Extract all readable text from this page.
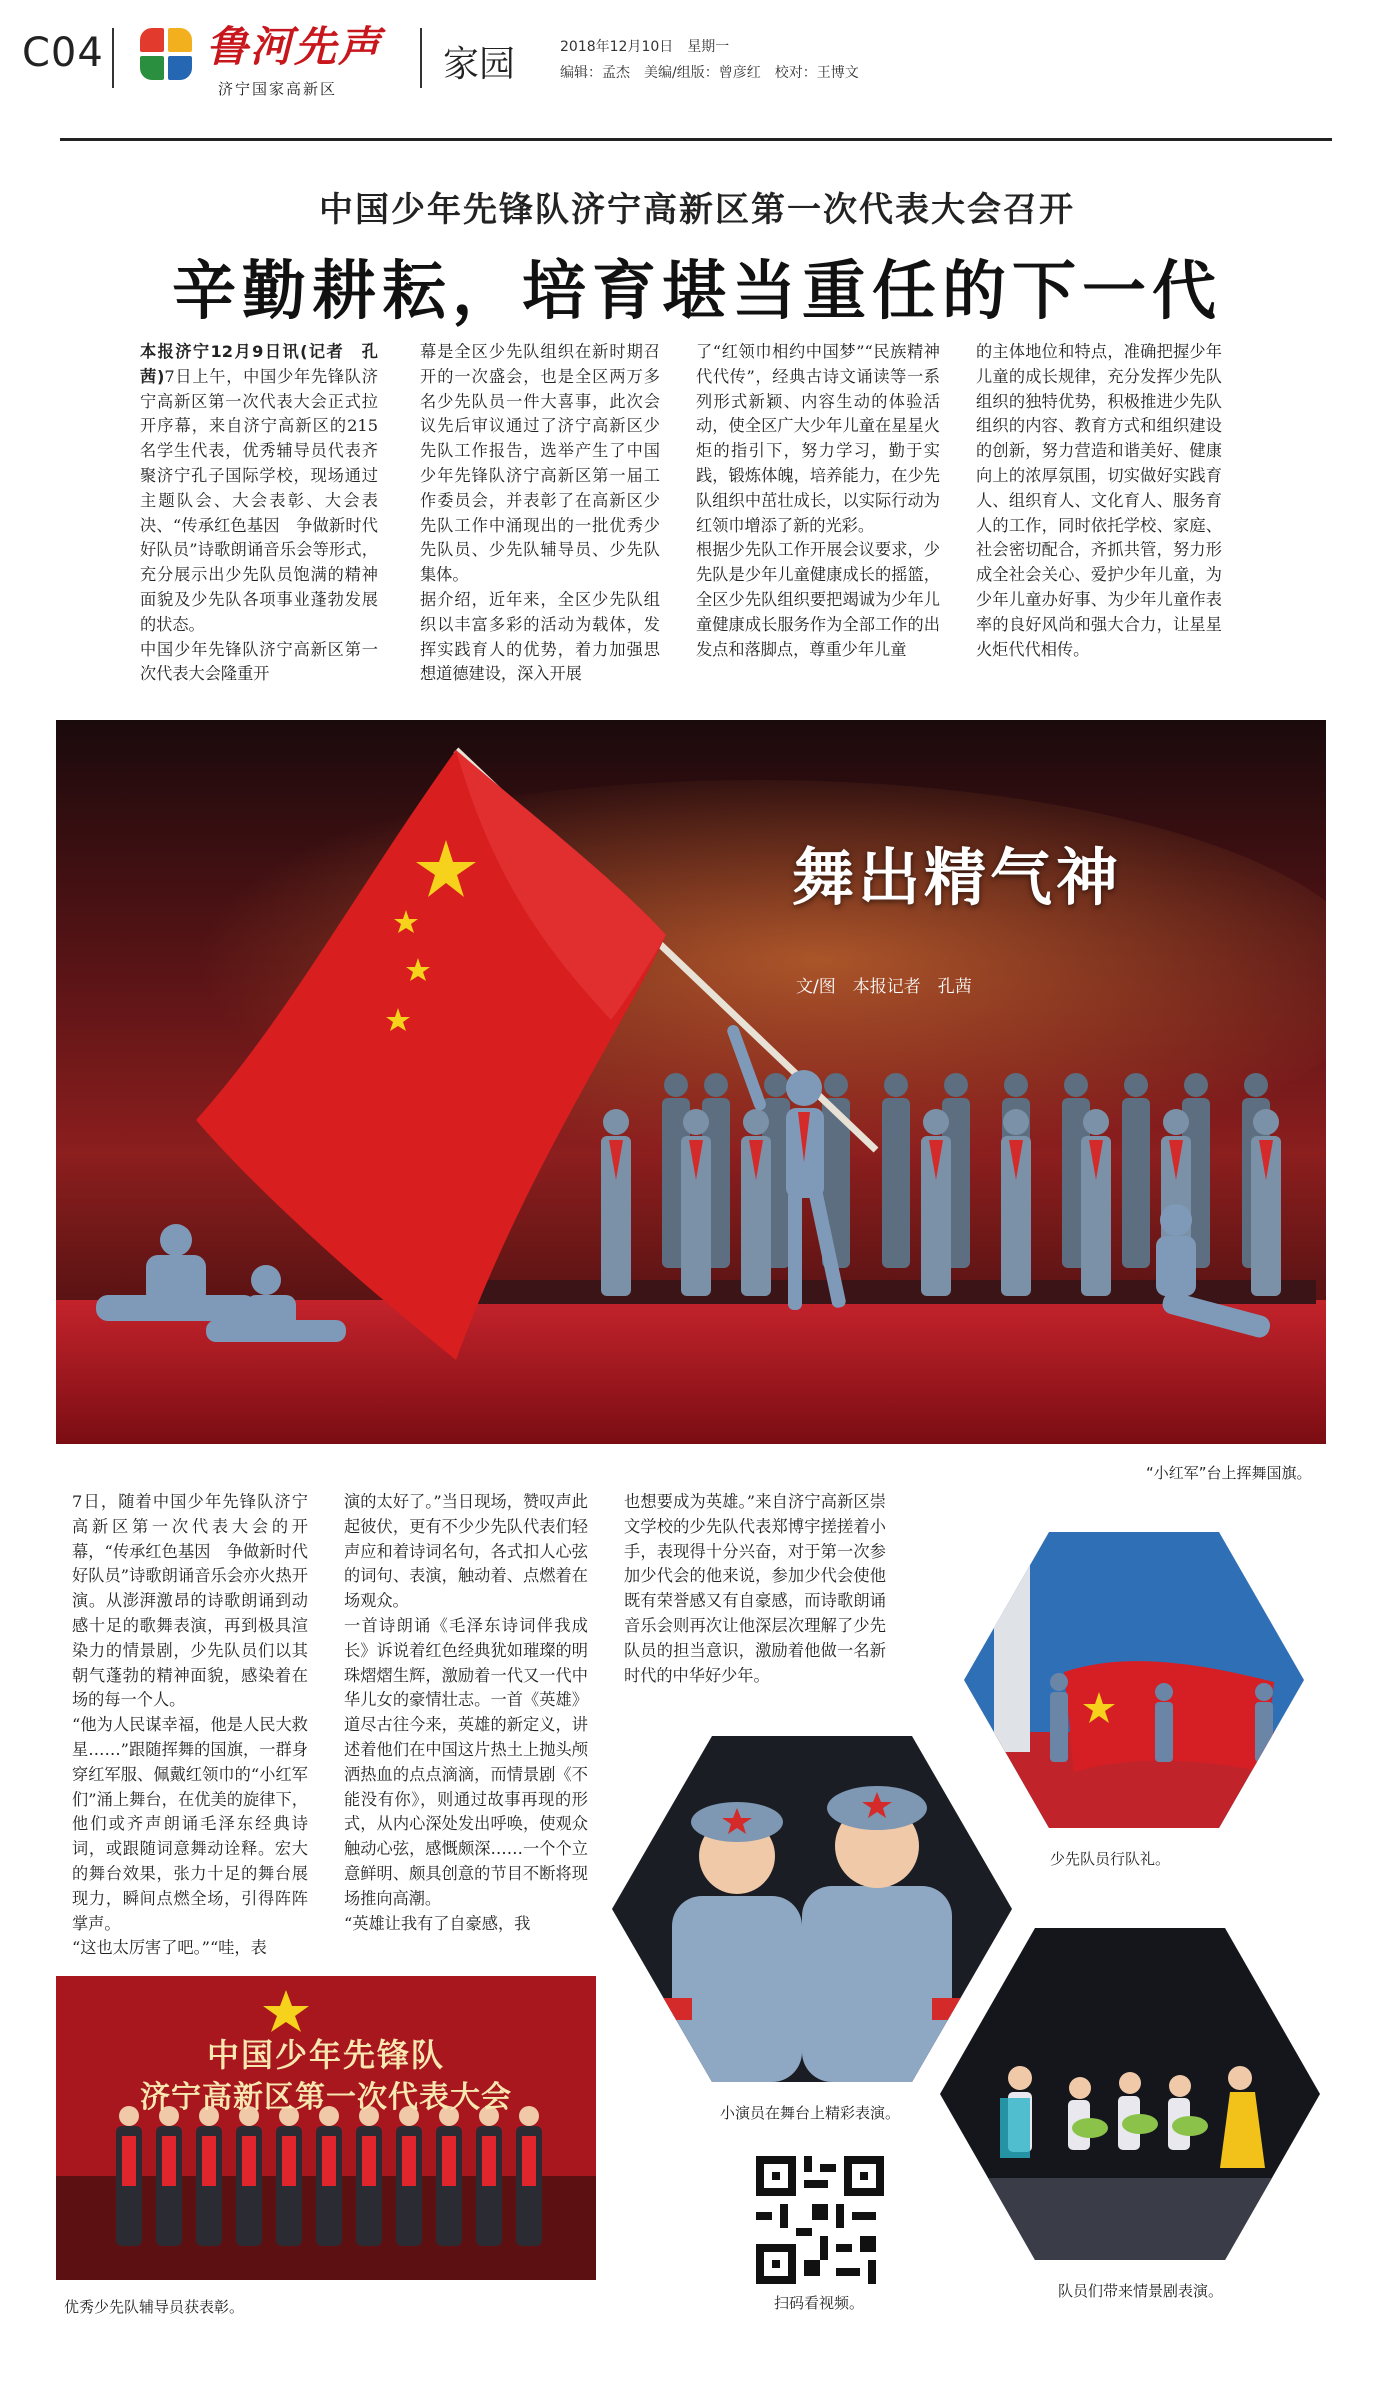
C04 鲁河先声
济宁国家高新区
家园	2018年12月10日　星期一
编辑：孟杰　美编/组版：曾彦红　校对：王博文
中国少年先锋队济宁高新区第一次代表大会召开
辛勤耕耘，培育堪当重任的下一代

本报济宁12月9日讯(记者　孔茜)7日上午，中国少年先锋队济宁高新区第一次代表大会正式拉开序幕，来自济宁高新区的215名学生代表，优秀辅导员代表齐聚济宁孔子国际学校，现场通过主题队会、大会表彰、大会表决、“传承红色基因　争做新时代好队员”诗歌朗诵音乐会等形式，充分展示出少先队员饱满的精神面貌及少先队各项事业蓬勃发展的状态。
中国少年先锋队济宁高新区第一次代表大会隆重开

幕是全区少先队组织在新时期召开的一次盛会，也是全区两万多名少先队员一件大喜事，此次会议先后审议通过了济宁高新区少先队工作报告，选举产生了中国少年先锋队济宁高新区第一届工作委员会，并表彰了在高新区少先队工作中涌现出的一批优秀少先队员、少先队辅导员、少先队集体。
据介绍，近年来，全区少先队组织以丰富多彩的活动为载体，发挥实践育人的优势，着力加强思想道德建设，深入开展
了“红领巾相约中国梦”“民族精神代代传”，经典古诗文诵读等一系列形式新颖、内容生动的体验活动，使全区广大少年儿童在星星火炬的指引下，努力学习，勤于实践，锻炼体魄，培养能力，在少先队组织中茁壮成长，以实际行动为红领巾增添了新的光彩。
根据少先队工作开展会议要求，少先队是少年儿童健康成长的摇篮，全区少先队组织要把竭诚为少年儿童健康成长服务作为全部工作的出发点和落脚点，尊重少年儿童
的主体地位和特点，准确把握少年儿童的成长规律，充分发挥少先队组织的独特优势，积极推进少先队组织的内容、教育方式和组织建设的创新，努力营造和谐美好、健康向上的浓厚氛围，切实做好实践育人、组织育人、文化育人、服务育人的工作，同时依托学校、家庭、社会密切配合，齐抓共管，努力形成全社会关心、爱护少年儿童，为少年儿童办好事、为少年儿童作表率的良好风尚和强大合力，让星星火炬代代相传。
舞出精气神
文/图　本报记者　孔茜
“小红军”台上挥舞国旗。
7日，随着中国少年先锋队济宁高新区第一次代表大会的开幕，“传承红色基因　争做新时代好队员”诗歌朗诵音乐会亦火热开演。从澎湃激昂的诗歌朗诵到动感十足的歌舞表演，再到极具渲染力的情景剧，少先队员们以其朝气蓬勃的精神面貌，感染着在场的每一个人。
“他为人民谋幸福，他是人民大救星……”跟随挥舞的国旗，一群身穿红军服、佩戴红领巾的“小红军们”涌上舞台，在优美的旋律下，他们或齐声朗诵毛泽东经典诗词，或跟随词意舞动诠释。宏大的舞台效果，张力十足的舞台展现力，瞬间点燃全场，引得阵阵掌声。
“这也太厉害了吧。”“哇，表
演的太好了。”当日现场，赞叹声此起彼伏，更有不少少先队代表们轻声应和着诗词名句，各式扣人心弦的词句、表演，触动着、点燃着在场观众。
一首诗朗诵《毛泽东诗词伴我成长》诉说着红色经典犹如璀璨的明珠熠熠生辉，激励着一代又一代中华儿女的豪情壮志。一首《英雄》道尽古往今来，英雄的新定义，讲述着他们在中国这片热土上抛头颅洒热血的点点滴滴，而情景剧《不能没有你》，则通过故事再现的形式，从内心深处发出呼唤，使观众触动心弦，感慨颇深……一个个立意鲜明、颇具创意的节目不断将现场推向高潮。
“英雄让我有了自豪感，我
也想要成为英雄。”来自济宁高新区崇文学校的少先队代表郑博宇搓搓着小手，表现得十分兴奋，对于第一次参加少代会的他来说，参加少代会使他既有荣誉感又有自豪感，而诗歌朗诵音乐会则再次让他深层次理解了少先队员的担当意识，激励着他做一名新时代的中华好少年。
少先队员行队礼。
小演员在舞台上精彩表演。
扫码看视频。
队员们带来情景剧表演。
中国少年先锋队
济宁高新区第一次代表大会
优秀少先队辅导员获表彰。
